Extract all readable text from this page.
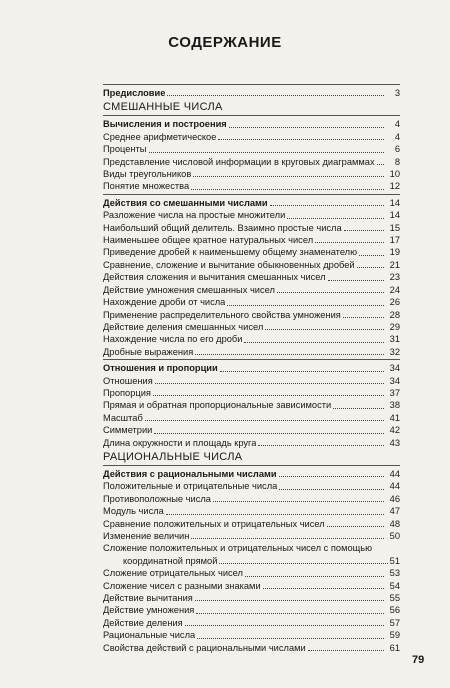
СОДЕРЖАНИЕ
Предисловие	3
СМЕШАННЫЕ ЧИСЛА
Вычисления и построения	4
Среднее арифметическое	4
Проценты	6
Представление числовой информации в круговых диаграммах	8
Виды треугольников	10
Понятие множества	12
Действия со смешанными числами	14
Разложение числа на простые множители	14
Наибольший общий делитель. Взаимно простые числа	15
Наименьшее общее кратное натуральных чисел	17
Приведение дробей к наименьшему общему знаменателю	19
Сравнение, сложение и вычитание обыкновенных дробей	21
Действия сложения и вычитания смешанных чисел	23
Действие умножения смешанных чисел	24
Нахождение дроби от числа	26
Применение распределительного свойства умножения	28
Действие деления смешанных чисел	29
Нахождение числа по его дроби	31
Дробные выражения	32
Отношения и пропорции	34
Отношения	34
Пропорция	37
Прямая и обратная пропорциональные зависимости	38
Масштаб	41
Симметрии	42
Длина окружности и площадь круга	43
РАЦИОНАЛЬНЫЕ ЧИСЛА
Действия с рациональными числами	44
Положительные и отрицательные числа	44
Противоположные числа	46
Модуль числа	47
Сравнение положительных и отрицательных чисел	48
Изменение величин	50
Сложение положительных и отрицательных чисел с помощью
координатной прямой	51
Сложение отрицательных чисел	53
Сложение чисел с разными знаками	54
Действие вычитания	55
Действие умножения	56
Действие деления	57
Рациональные числа	59
Свойства действий с рациональными числами	61
79
